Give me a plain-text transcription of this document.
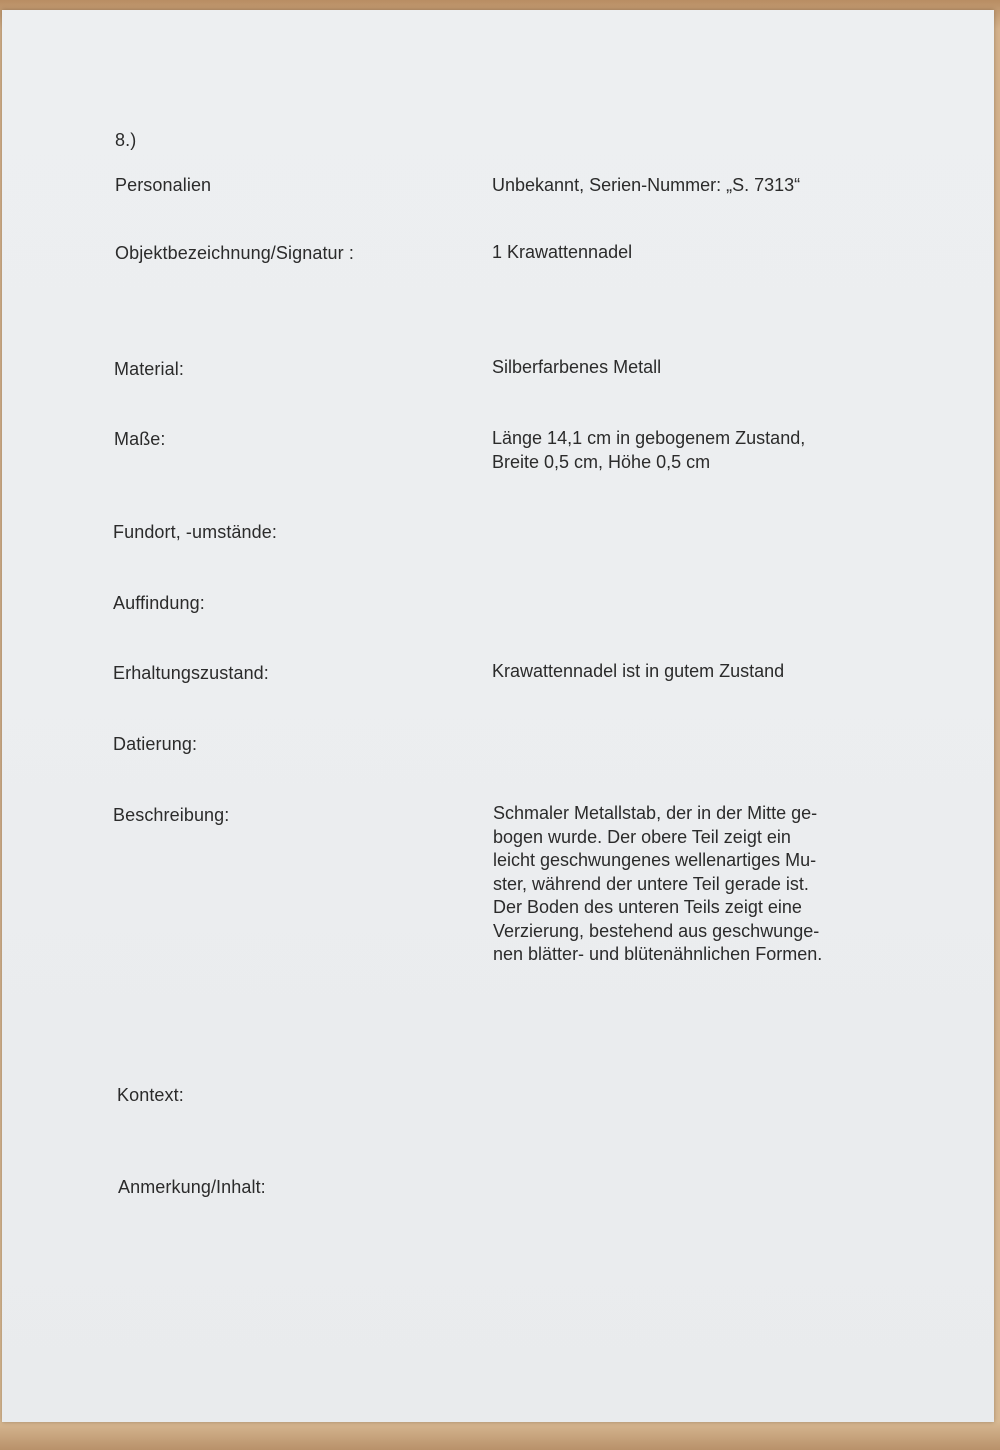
8.)
Personalien	Unbekannt, Serien-Nummer: „S. 7313“
Objektbezeichnung/Signatur :	1 Krawattennadel
Material:	Silberfarbenes Metall
Maße:	Länge 14,1 cm in gebogenem Zustand,
Breite 0,5 cm, Höhe 0,5 cm
Fundort, -umstände:
Auffindung:
Erhaltungszustand:	Krawattennadel ist in gutem Zustand
Datierung:
Beschreibung:	Schmaler Metallstab, der in der Mitte ge-
bogen wurde. Der obere Teil zeigt ein
leicht geschwungenes wellenartiges Mu-
ster, während der untere Teil gerade ist.
Der Boden des unteren Teils zeigt eine
Verzierung, bestehend aus geschwunge-
nen blätter- und blütenähnlichen Formen.
Kontext:
Anmerkung/Inhalt:
